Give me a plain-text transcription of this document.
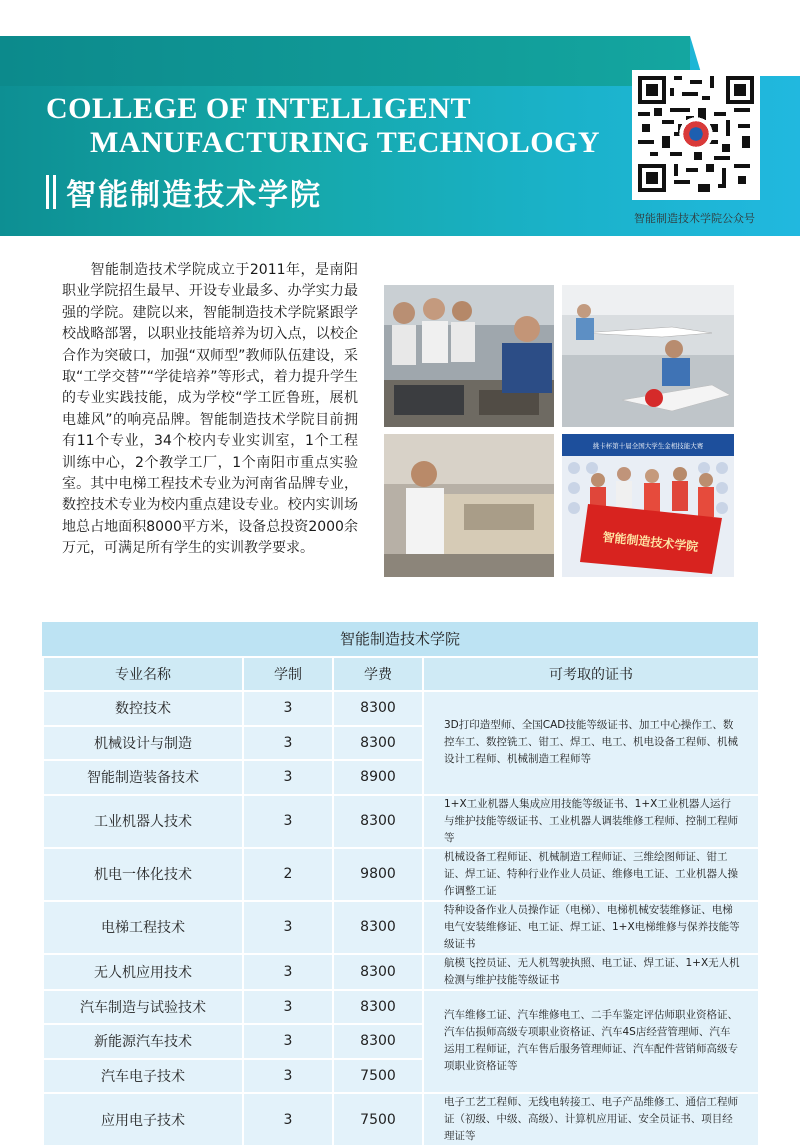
COLLEGE OF INTELLIGENT

MANUFACTURING TECHNOLOGY
智能制造技术学院
智能制造技术学院公众号
智能制造技术学院成立于2011年，是南阳职业学院招生最早、开设专业最多、办学实力最强的学院。建院以来，智能制造技术学院紧跟学校战略部署，以职业技能培养为切入点，以校企合作为突破口，加强“双师型”教师队伍建设，采取“工学交替”“学徒培养”等形式，着力提升学生的专业实践技能，成为学校“学工匠鲁班，展机电雄风”的响亮品牌。智能制造技术学院目前拥有11个专业，34个校内专业实训室，1个工程训练中心，2个教学工厂，1个南阳市重点实验室。其中电梯工程技术专业为河南省品牌专业，数控技术专业为校内重点建设专业。校内实训场地总占地面积8000平方米，设备总投资2000余万元，可满足所有学生的实训教学要求。
挑卡杯第十届全国大学生金相技能大赛
智能制造技术学院
智能制造技术学院
专业名称	学制	学费	可考取的证书
数控技术	3	8300	3D打印造型师、全国CAD技能等级证书、加工中心操作工、数控车工、数控铣工、钳工、焊工、电工、机电设备工程师、机械设计工程师、机械制造工程师等
机械设计与制造	3	8300	
智能制造装备技术	3	8900	
工业机器人技术	3	8300	1+X工业机器人集成应用技能等级证书、1+X工业机器人运行与维护技能等级证书、工业机器人调装维修工程师、控制工程师等
机电一体化技术	2	9800	机械设备工程师证、机械制造工程师证、三维绘图师证、钳工证、焊工证、特种行业作业人员证、维修电工证、工业机器人操作调整工证
电梯工程技术	3	8300	特种设备作业人员操作证（电梯）、电梯机械安装维修证、电梯电气安装维修证、电工证、焊工证、1+X电梯维修与保养技能等级证书
无人机应用技术	3	8300	航模飞控员证、无人机驾驶执照、电工证、焊工证、1+X无人机检测与维护技能等级证书
汽车制造与试验技术	3	8300	汽车维修工证、汽车维修电工、二手车鉴定评估师职业资格证、汽车估损师高级专项职业资格证、汽车4S店经营管理师、汽车运用工程师证，汽车售后服务管理师证、汽车配件营销师高级专项职业资格证等
新能源汽车技术	3	8300	
汽车电子技术	3	7500	
应用电子技术	3	7500	电子工艺工程师、无线电转接工、电子产品维修工、通信工程师证（初级、中级、高级）、计算机应用证、安全员证书、项目经理证等
